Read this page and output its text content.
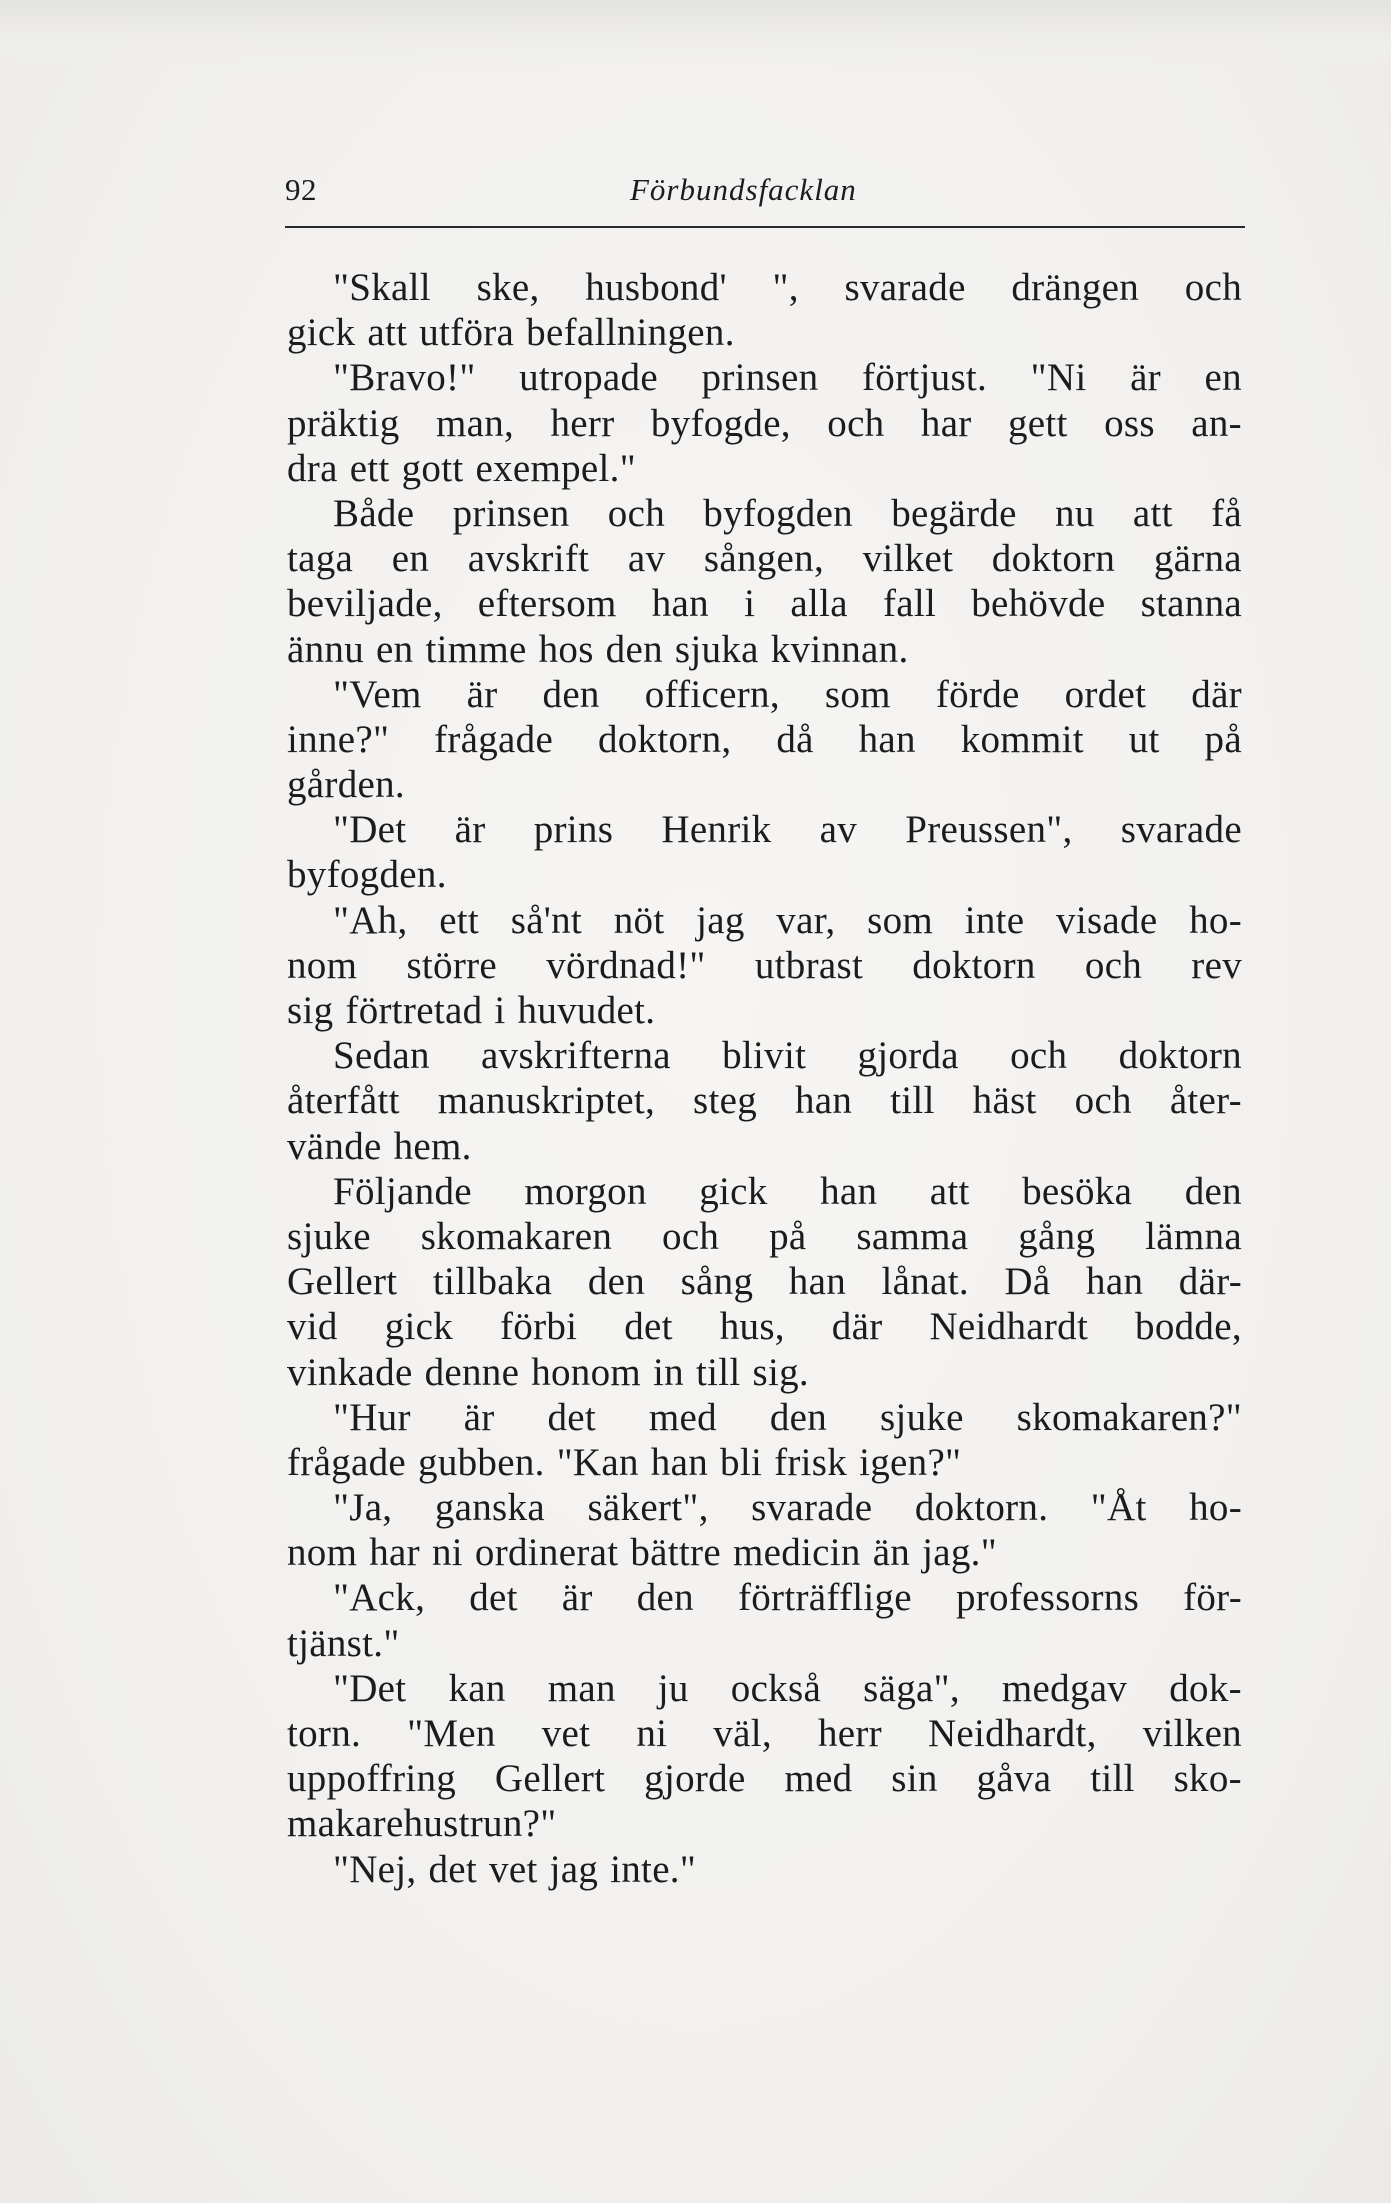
92	Förbundsfacklan
"Skall ske, husbond' ", svarade drängen och
gick att utföra befallningen.
"Bravo!" utropade prinsen förtjust. "Ni är en
präktig man, herr byfogde, och har gett oss an-
dra ett gott exempel."
Både prinsen och byfogden begärde nu att få
taga en avskrift av sången, vilket doktorn gärna
beviljade, eftersom han i alla fall behövde stanna
ännu en timme hos den sjuka kvinnan.
"Vem är den officern, som förde ordet där
inne?" frågade doktorn, då han kommit ut på
gården.
"Det är prins Henrik av Preussen", svarade
byfogden.
"Ah, ett så'nt nöt jag var, som inte visade ho-
nom större vördnad!" utbrast doktorn och rev
sig förtretad i huvudet.
Sedan avskrifterna blivit gjorda och doktorn
återfått manuskriptet, steg han till häst och åter-
vände hem.
Följande morgon gick han att besöka den
sjuke skomakaren och på samma gång lämna
Gellert tillbaka den sång han lånat. Då han där-
vid gick förbi det hus, där Neidhardt bodde,
vinkade denne honom in till sig.
"Hur är det med den sjuke skomakaren?"
frågade gubben. "Kan han bli frisk igen?"
"Ja, ganska säkert", svarade doktorn. "Åt ho-
nom har ni ordinerat bättre medicin än jag."
"Ack, det är den förträfflige professorns för-
tjänst."
"Det kan man ju också säga", medgav dok-
torn. "Men vet ni väl, herr Neidhardt, vilken
uppoffring Gellert gjorde med sin gåva till sko-
makarehustrun?"
"Nej, det vet jag inte."
